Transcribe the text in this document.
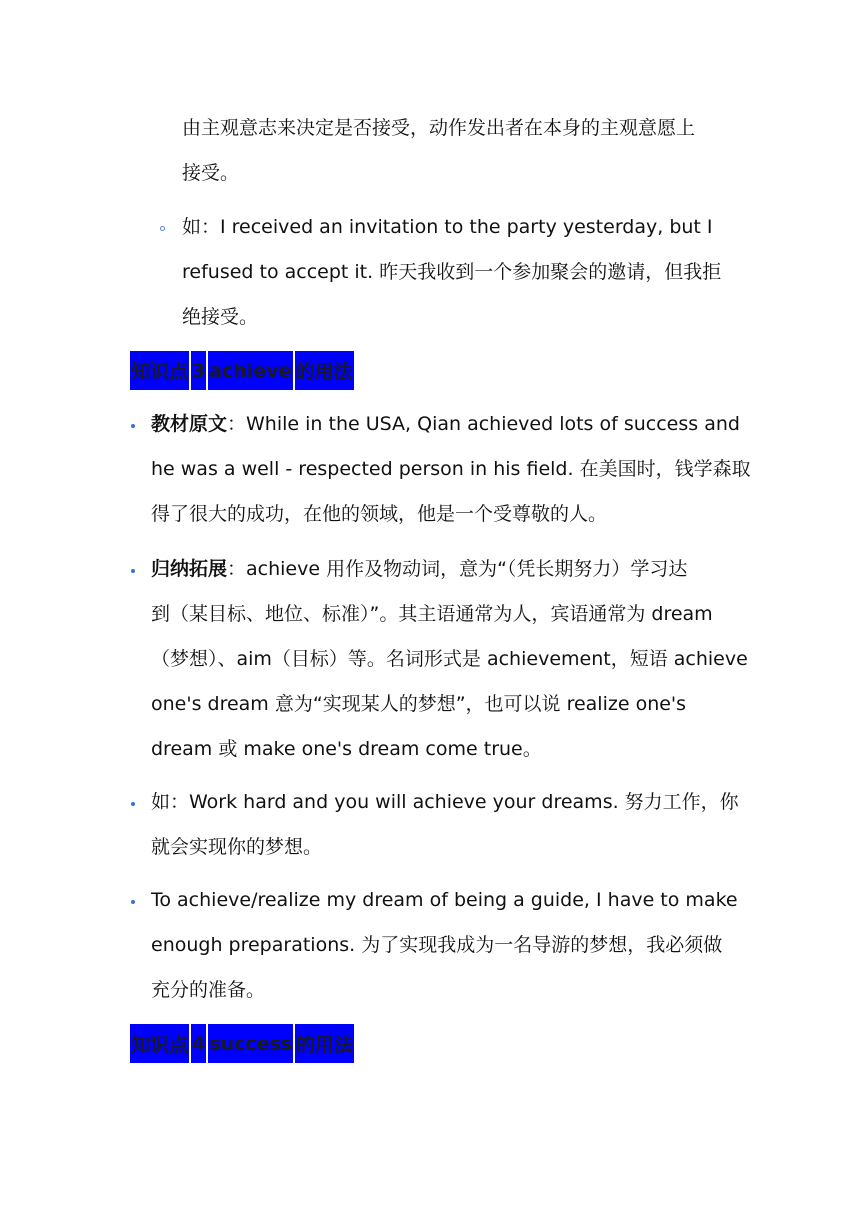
由主观意志来决定是否接受，动作发出者在本身的主观意愿上
接受。
如：I received an invitation to the party yesterday, but I
refused to accept it. 昨天我收到一个参加聚会的邀请，但我拒
绝接受。
知识点 3 achieve 的用法
教材原文：While in the USA, Qian achieved lots of success and
he was a well - respected person in his field. 在美国时，钱学森取
得了很大的成功，在他的领域，他是一个受尊敬的人。
归纳拓展：achieve 用作及物动词，意为“（凭长期努力）学习达
到（某目标、地位、标准）”。其主语通常为人，宾语通常为 dream
（梦想）、aim（目标）等。名词形式是 achievement，短语 achieve
one's dream 意为“实现某人的梦想”，也可以说 realize one's
dream 或 make one's dream come true。
如：Work hard and you will achieve your dreams. 努力工作，你
就会实现你的梦想。
To achieve/realize my dream of being a guide, I have to make
enough preparations. 为了实现我成为一名导游的梦想，我必须做
充分的准备。
知识点 4 success 的用法
